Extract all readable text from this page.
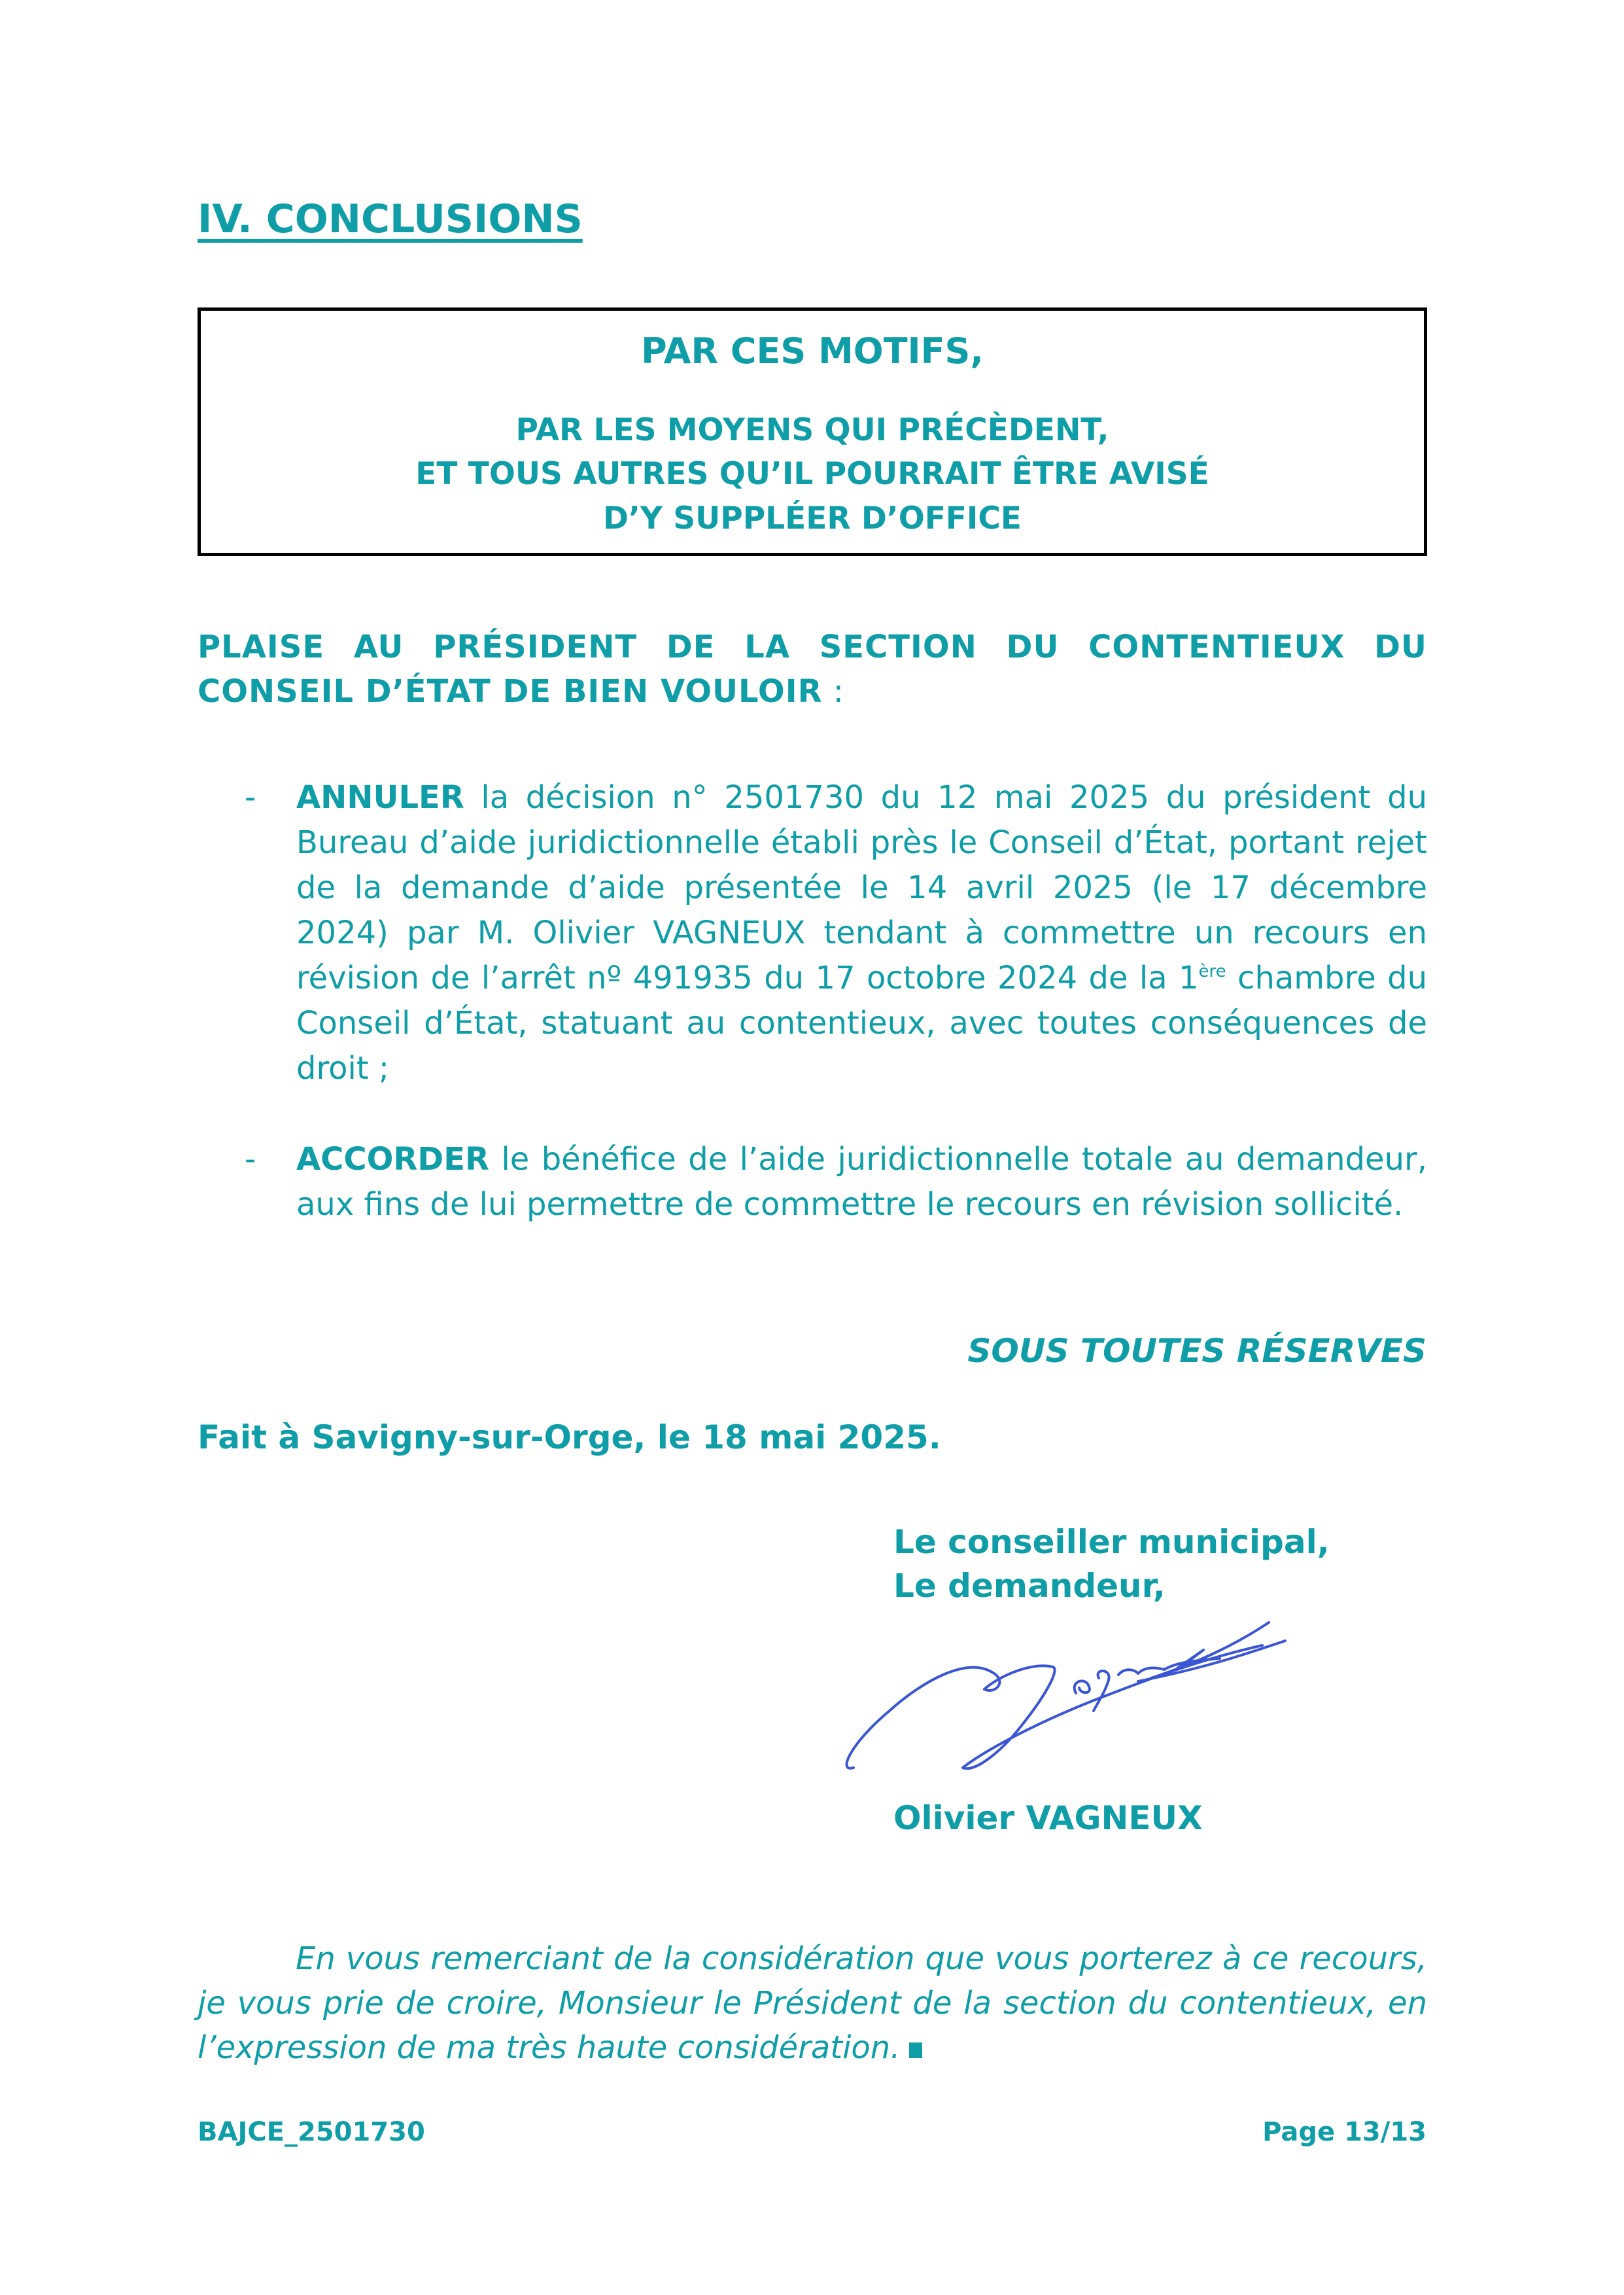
IV. CONCLUSIONS
PAR CES MOTIFS,
PAR LES MOYENS QUI PRÉCÈDENT,
ET TOUS AUTRES QU’IL POURRAIT ÊTRE AVISÉ
D’Y SUPPLÉER D’OFFICE
PLAISE AU PRÉSIDENT DE LA SECTION DU CONTENTIEUX DU CONSEIL D’ÉTAT DE BIEN VOULOIR :
- ANNULER la décision n° 2501730 du 12 mai 2025 du président du Bureau d’aide juridictionnelle établi près le Conseil d’État, portant rejet de la demande d’aide présentée le 14 avril 2025 (le 17 décembre 2024) par M. Olivier VAGNEUX tendant à commettre un recours en révision de l’arrêt nº 491935 du 17 octobre 2024 de la 1ère chambre du Conseil d’État, statuant au contentieux, avec toutes conséquences de droit ;
- ACCORDER le bénéfice de l’aide juridictionnelle totale au demandeur, aux fins de lui permettre de commettre le recours en révision sollicité.
SOUS TOUTES RÉSERVES
Fait à Savigny-sur-Orge, le 18 mai 2025.
Le conseiller municipal,
Le demandeur,
Olivier VAGNEUX
En vous remerciant de la considération que vous porterez à ce recours, je vous prie de croire, Monsieur le Président de la section du contentieux, en l’expression de ma très haute considération.
BAJCE_2501730	Page 13/13
